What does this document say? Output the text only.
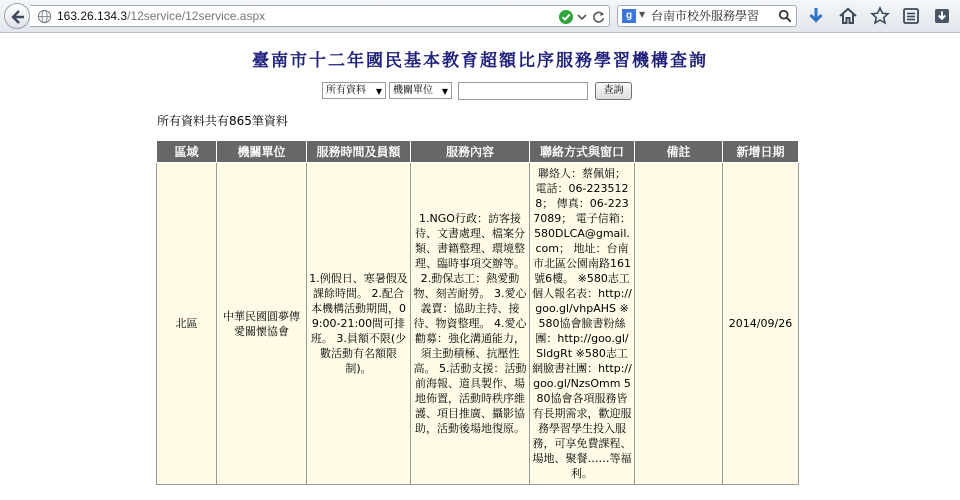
163.26.134.3/12service/12service.aspx	g ▼ 台南市校外服務學習
臺南市十二年國民基本教育超額比序服務學習機構查詢
所有資料 ▼	機關單位 ▼	查詢
所有資料共有865筆資料
區域	機關單位	服務時間及員額	服務內容	聯絡方式與窗口	備註	新增日期
北區	中華民國圓夢傳愛關懷協會	1.例假日、寒暑假及課餘時間。 2.配合本機構活動期間，09:00-21:00間可排班。 3.員額不限(少數活動有名額限制)。	1.NGO行政：訪客接待、文書處理、檔案分類、書籍整理、環境整理、臨時事項交辦等。 2.動保志工：熱愛動物、刻苦耐勞。 3.愛心義賣：協助主持、接待、物資整理。 4.愛心勸募：強化溝通能力，須主動積極、抗壓性高。 5.活動支援：活動前海報、道具製作、場地佈置，活動時秩序維護、項目推廣、攝影協助，活動後場地復原。	聯絡人：蔡佩娟； 電話：06-2235128； 傳真：06-2237089； 電子信箱：580DLCA@gmail.com； 地址：台南市北區公園南路161號6樓。 ※580志工個人報名表：http://goo.gl/vhpAHS ※580協會臉書粉絲團：http://goo.gl/SldgRt ※580志工網臉書社團：http://goo.gl/NzsOmm 580協會各項服務皆有長期需求，歡迎服務學習學生投入服務，可享免費課程、場地、聚餐……等福利。		2014/09/26
